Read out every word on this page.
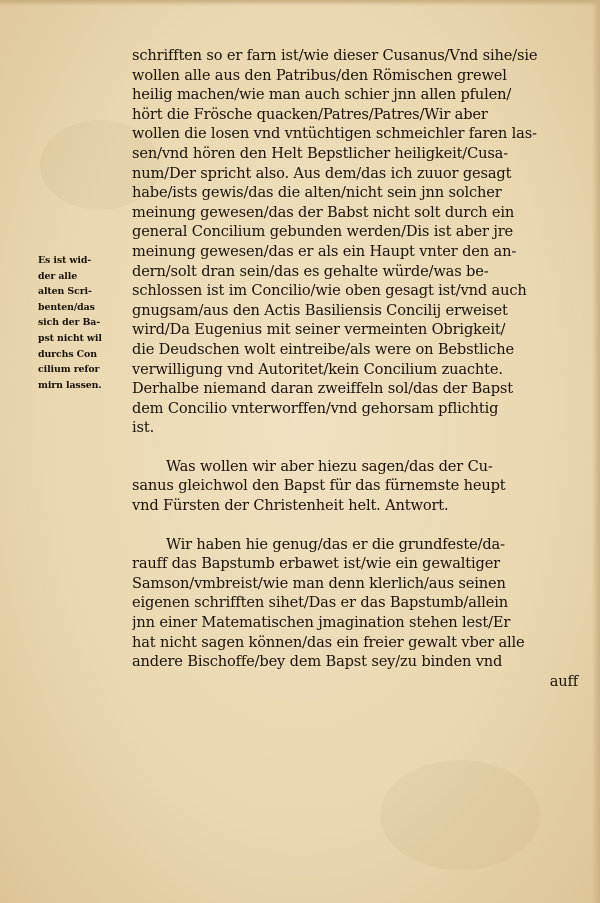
Es ist wid-
der alle
alten Scri-
benten/das
sich der Ba-
pst nicht wil
durchs Con
cilium refor
mirn lassen.
schrifften so er farn ist/wie dieser Cusanus/Vnd sihe/sie
wollen alle aus den Patribus/den Römischen grewel
heilig machen/wie man auch schier jnn allen pfulen/
hört die Frösche quacken/Patres/Patres/Wir aber
wollen die losen vnd vntüchtigen schmeichler faren las-
sen/vnd hören den Helt Bepstlicher heiligkeit/Cusa-
num/Der spricht also. Aus dem/das ich zuuor gesagt
habe/ists gewis/das die alten/nicht sein jnn solcher
meinung gewesen/das der Babst nicht solt durch ein
general Concilium gebunden werden/Dis ist aber jre
meinung gewesen/das er als ein Haupt vnter den an-
dern/solt dran sein/das es gehalte würde/was be-
schlossen ist im Concilio/wie oben gesagt ist/vnd auch
gnugsam/aus den Actis Basiliensis Concilij erweiset
wird/Da Eugenius mit seiner vermeinten Obrigkeit/
die Deudschen wolt eintreibe/als were on Bebstliche
verwilligung vnd Autoritet/kein Concilium zuachte.
Derhalbe niemand daran zweiffeln sol/das der Bapst
dem Concilio vnterworffen/vnd gehorsam pflichtig
ist.
Was wollen wir aber hiezu sagen/das der Cu-
sanus gleichwol den Bapst für das fürnemste heupt
vnd Fürsten der Christenheit helt. Antwort.
Wir haben hie genug/das er die grundfeste/da-
rauff das Bapstumb erbawet ist/wie ein gewaltiger
Samson/vmbreist/wie man denn klerlich/aus seinen
eigenen schrifften sihet/Das er das Bapstumb/allein
jnn einer Matematischen jmagination stehen lest/Er
hat nicht sagen können/das ein freier gewalt vber alle
andere Bischoffe/bey dem Bapst sey/zu binden vnd
auff
